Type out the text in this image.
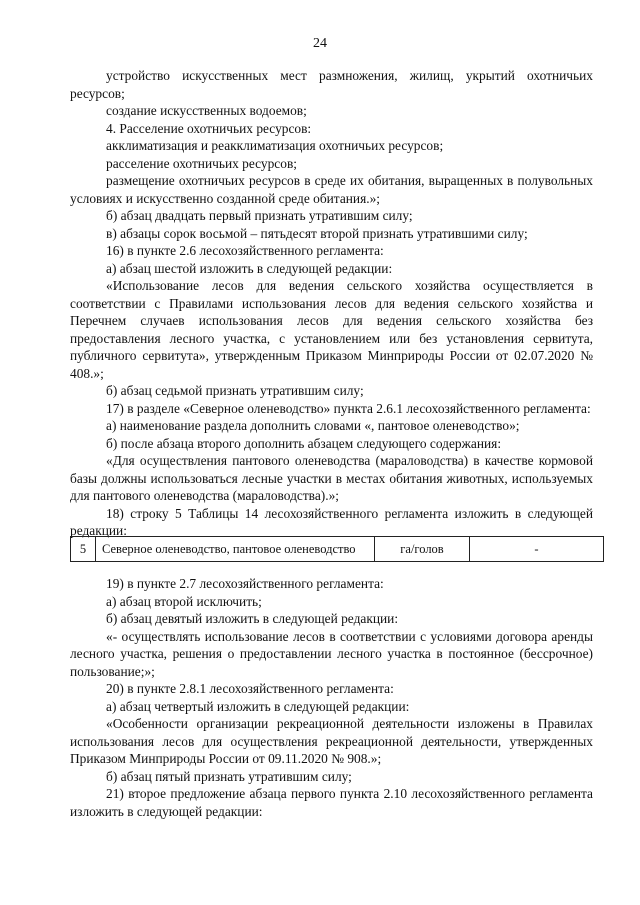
24

устройство искусственных мест размножения, жилищ, укрытий охотничьих ресурсов;

создание искусственных водоемов;

4. Расселение охотничьих ресурсов:

акклиматизация и реакклиматизация охотничьих ресурсов;

расселение охотничьих ресурсов;

размещение охотничьих ресурсов в среде их обитания, выращенных в полувольных условиях и искусственно созданной среде обитания.»;

б) абзац двадцать первый признать утратившим силу;

в) абзацы сорок восьмой – пятьдесят второй признать утратившими силу;

16) в пункте 2.6 лесохозяйственного регламента:

а) абзац шестой изложить в следующей редакции:

«Использование лесов для ведения сельского хозяйства осуществляется в соответствии с Правилами использования лесов для ведения сельского хозяйства и Перечнем случаев использования лесов для ведения сельского хозяйства без предоставления лесного участка, с установлением или без установления сервитута, публичного сервитута», утвержденным Приказом Минприроды России от 02.07.2020 № 408.»;

б) абзац седьмой признать утратившим силу;

17) в разделе «Северное оленеводство» пункта 2.6.1 лесохозяйственного регламента:

а) наименование раздела дополнить словами «, пантовое оленеводство»;

б) после абзаца второго дополнить абзацем следующего содержания:

«Для осуществления пантового оленеводства (мараловодства) в качестве кормовой базы должны использоваться лесные участки в местах обитания животных, используемых для пантового оленеводства (мараловодства).»;

18) строку 5 Таблицы 14 лесохозяйственного регламента изложить в следующей редакции:

5	Северное оленеводство, пантовое оленеводство	га/голов	-

19) в пункте 2.7 лесохозяйственного регламента:

а) абзац второй исключить;

б) абзац девятый изложить в следующей редакции:

«- осуществлять использование лесов в соответствии с условиями договора аренды лесного участка, решения о предоставлении лесного участка в постоянное (бессрочное) пользование;»;

20) в пункте 2.8.1 лесохозяйственного регламента:

а) абзац четвертый изложить в следующей редакции:

«Особенности организации рекреационной деятельности изложены в Правилах использования лесов для осуществления рекреационной деятельности, утвержденных Приказом Минприроды России от 09.11.2020 № 908.»;

б) абзац пятый признать утратившим силу;

21) второе предложение абзаца первого пункта 2.10 лесохозяйственного регламента изложить в следующей редакции:
